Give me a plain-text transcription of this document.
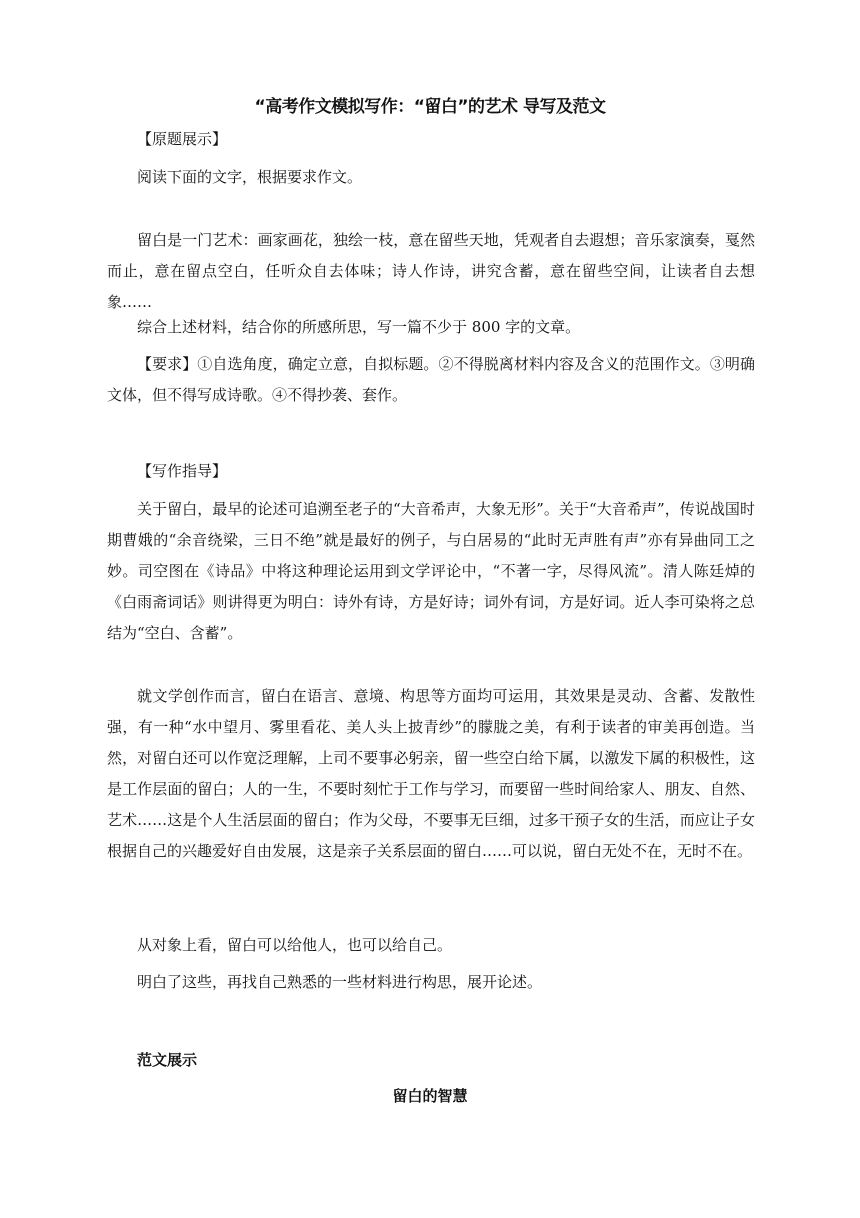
“高考作文模拟写作：“留白”的艺术 导写及范文

【原题展示】

阅读下面的文字，根据要求作文。

留白是一门艺术：画家画花，独绘一枝，意在留些天地，凭观者自去遐想；音乐家演奏，戛然而止，意在留点空白，任听众自去体味；诗人作诗，讲究含蓄，意在留些空间，让读者自去想象……

综合上述材料，结合你的所感所思，写一篇不少于 800 字的文章。

【要求】①自选角度，确定立意，自拟标题。②不得脱离材料内容及含义的范围作文。③明确文体，但不得写成诗歌。④不得抄袭、套作。

【写作指导】

关于留白，最早的论述可追溯至老子的“大音希声，大象无形”。关于“大音希声”，传说战国时期曹娥的“余音绕梁，三日不绝”就是最好的例子，与白居易的“此时无声胜有声”亦有异曲同工之妙。司空图在《诗品》中将这种理论运用到文学评论中，“不著一字，尽得风流”。清人陈廷焯的《白雨斋词话》则讲得更为明白：诗外有诗，方是好诗；词外有词，方是好词。近人李可染将之总结为“空白、含蓄”。

就文学创作而言，留白在语言、意境、构思等方面均可运用，其效果是灵动、含蓄、发散性强，有一种“水中望月、雾里看花、美人头上披青纱”的朦胧之美，有利于读者的审美再创造。当然，对留白还可以作宽泛理解，上司不要事必躬亲，留一些空白给下属，以激发下属的积极性，这是工作层面的留白；人的一生，不要时刻忙于工作与学习，而要留一些时间给家人、朋友、自然、艺术……这是个人生活层面的留白；作为父母，不要事无巨细，过多干预子女的生活，而应让子女根据自己的兴趣爱好自由发展，这是亲子关系层面的留白……可以说，留白无处不在，无时不在。

从对象上看，留白可以给他人，也可以给自己。

明白了这些，再找自己熟悉的一些材料进行构思，展开论述。

范文展示

留白的智慧
